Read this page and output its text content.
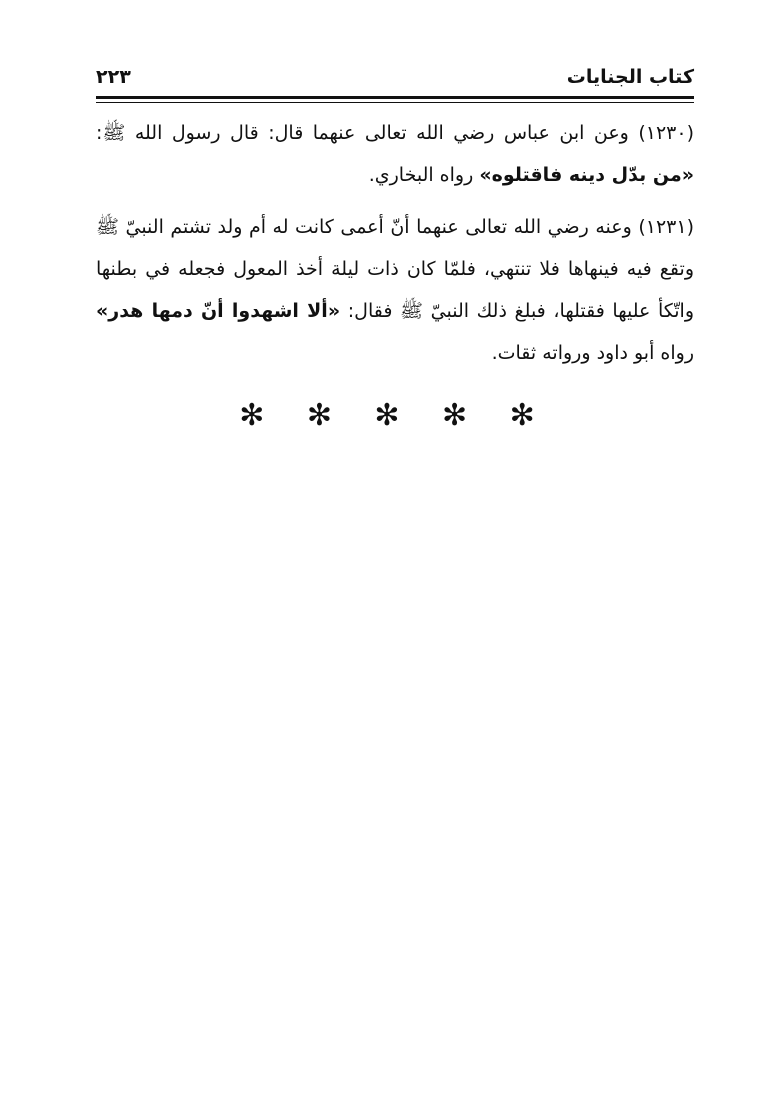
كتاب الجنايات
٢٢٣

(١٢٣٠) وعن ابن عباس رضي الله تعالى عنهما قال: قال رسول الله ﷺ: «من بدّل دينه فاقتلوه» رواه البخاري.

(١٢٣١) وعنه رضي الله تعالى عنهما أنّ أعمى كانت له أم ولد تشتم النبيّ ﷺ وتقع فيه فينهاها فلا تنتهي، فلمّا كان ذات ليلة أخذ المعول فجعله في بطنها واتّكأ عليها فقتلها، فبلغ ذلك النبيّ ﷺ فقال: «ألا اشهدوا أنّ دمها هدر» رواه أبو داود ورواته ثقات.

✻ ✻ ✻ ✻ ✻
